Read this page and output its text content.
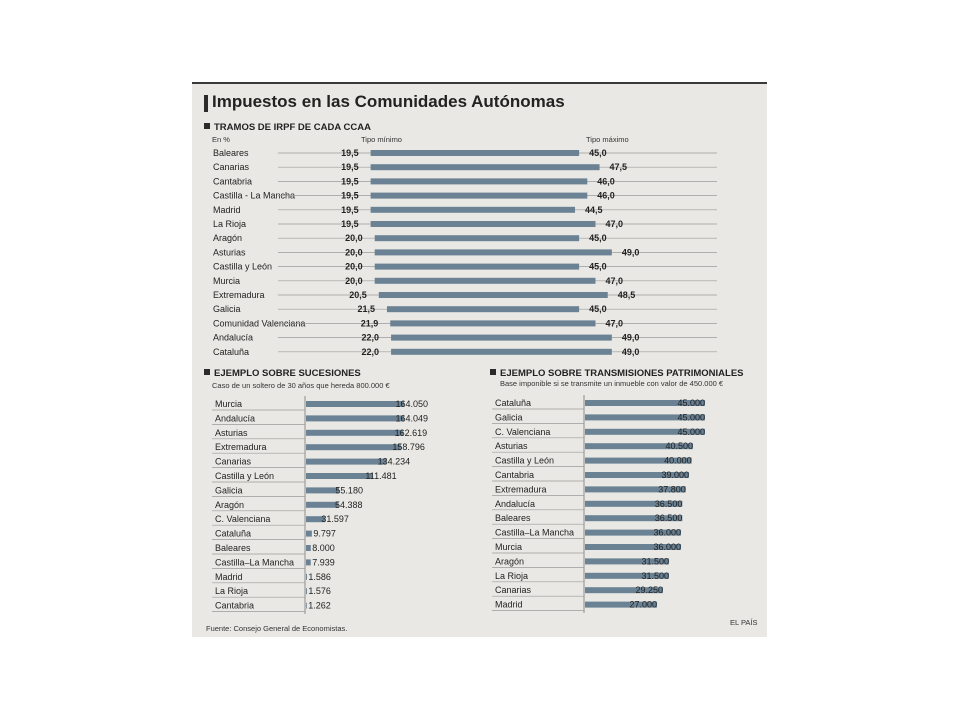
Impuestos en las Comunidades Autónomas
TRAMOS DE IRPF DE CADA CCAA
En %	Tipo mínimo	Tipo máximo
Baleares	19,5	45,0
Canarias	19,5	47,5
Cantabria	19,5	46,0
Castilla - La Mancha	19,5	46,0
Madrid	19,5	44,5
La Rioja	19,5	47,0
Aragón	20,0	45,0
Asturias	20,0	49,0
Castilla y León	20,0	45,0
Murcia	20,0	47,0
Extremadura	20,5	48,5
Galicia	21,5	45,0
Comunidad Valenciana	21,9	47,0
Andalucía	22,0	49,0
Cataluña	22,0	49,0
EJEMPLO SOBRE SUCESIONES
Caso de un soltero de 30 años que hereda 800.000 €
Murcia	164.050
Andalucía	164.049
Asturias	162.619
Extremadura	158.796
Canarias	134.234
Castilla y León	111.481
Galicia	55.180
Aragón	54.388
C. Valenciana	31.597
Cataluña	9.797
Baleares	8.000
Castilla–La Mancha 7.939
Madrid	1.586
La Rioja	1.576
Cantabria	1.262
EJEMPLO SOBRE TRANSMISIONES PATRIMONIALES
Base imponible si se transmite un inmueble con valor de 450.000 €
Cataluña	45.000
Galicia	45.000
C. Valenciana	45.000
Asturias	40.500
Castilla y León	40.000
Cantabria	39.000
Extremadura	37.800
Andalucía	36.500
Baleares	36.500
Castilla–La Mancha	36.000
Murcia	36.000
Aragón	31.500
La Rioja	31.500
Canarias	29.250
Madrid	27.000
Fuente: Consejo General de Economistas.
EL PAÍS
